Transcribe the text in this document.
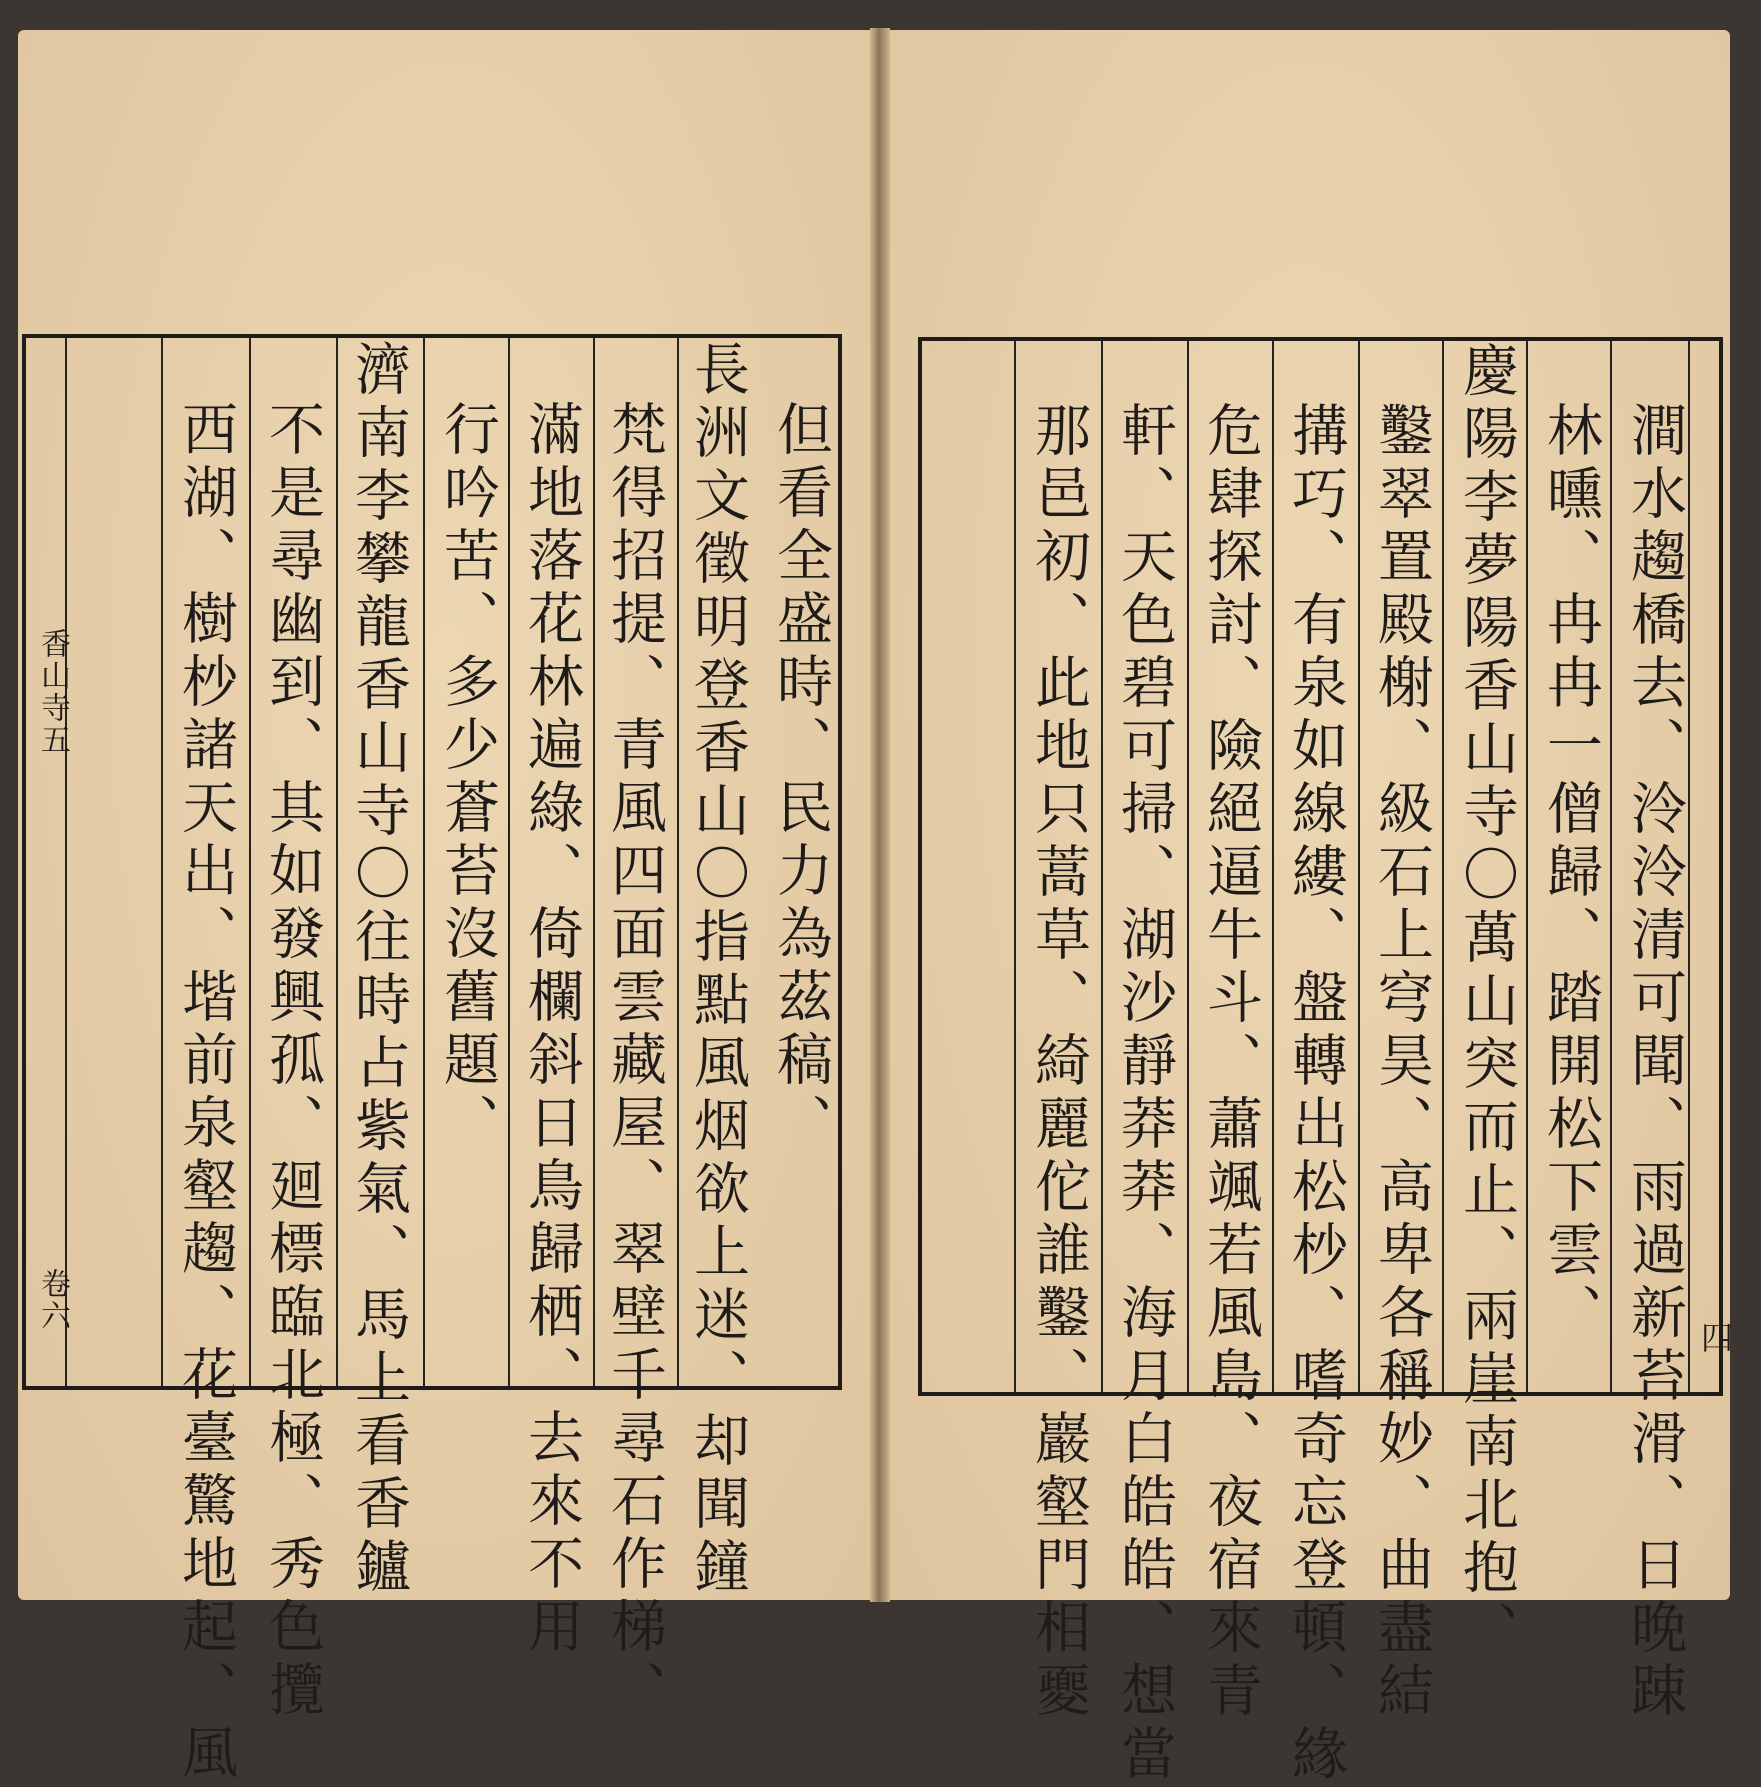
香山寺五
卷六
但看全盛時、民力為茲稿、
長洲文徵明登香山〇指點風烟欲上迷、却聞鐘
梵得招提、青風四面雲藏屋、翠壁千尋石作梯、
滿地落花林遍綠、倚欄斜日鳥歸栖、去來不用
行吟苦、多少蒼苔沒舊題、
濟南李攀龍香山寺〇往時占紫氣、馬上看香鑪
不是尋幽到、其如發興孤、廻標臨北極、秀色攬
西湖、樹杪諸天出、堦前泉壑趨、花臺驚地起、風	四
澗水趨橋去、泠泠清可聞、雨過新苔滑、日晚踈
林曛、冉冉一僧歸、踏開松下雲、
慶陽李夢陽香山寺〇萬山突而止、兩崖南北抱、
鑿翠置殿榭、級石上穹昊、高卑各稱妙、曲盡結
搆巧、有泉如線縷、盤轉出松杪、嗜奇忘登頓、緣
危肆探討、險絕逼牛斗、蕭颯若風島、夜宿來青
軒、天色碧可掃、湖沙靜莽莽、海月白皓皓、想當
那邑初、此地只蒿草、綺麗佗誰鑿、巖壑門相夒
